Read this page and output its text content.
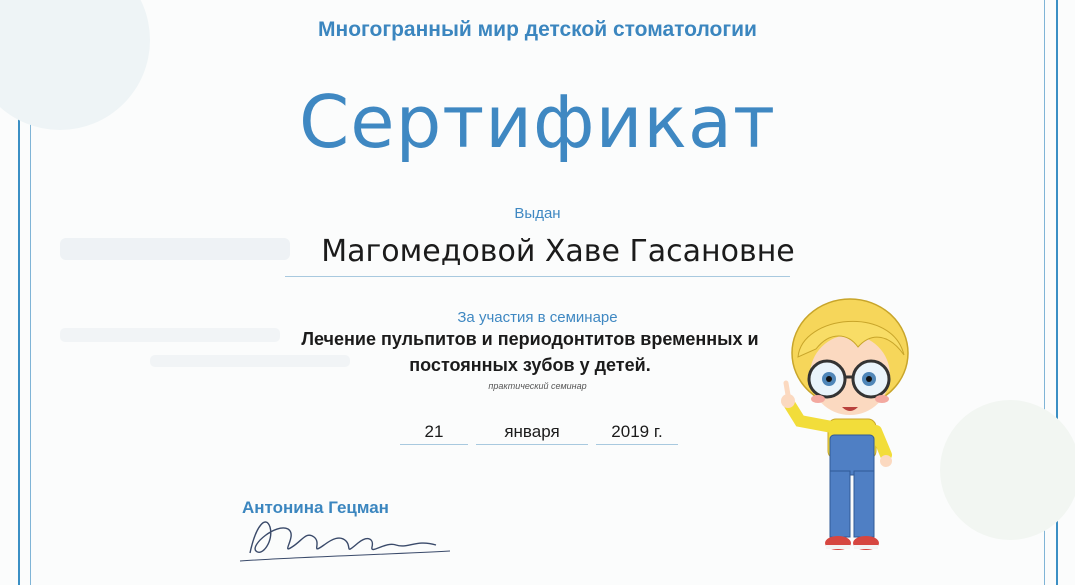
Многогранный мир детской стоматологии
Сертификат
Выдан
Магомедовой Хаве Гасановне
За участия в семинаре
Лечение пульпитов и периодонтитов временных и
постоянных зубов у детей.
практический семинар
21	января	2019 г.
Антонина Гецман
